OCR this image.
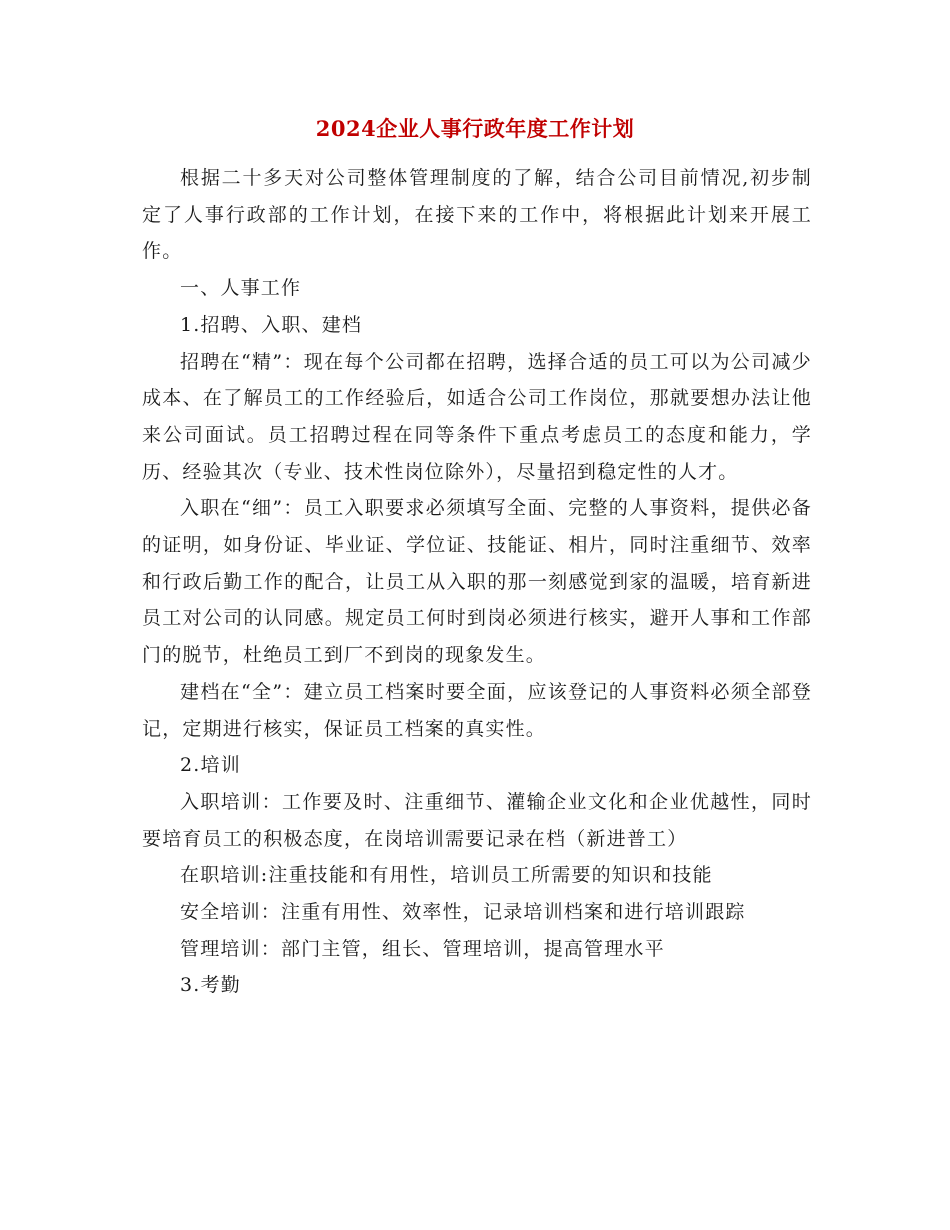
2024企业人事行政年度工作计划

根据二十多天对公司整体管理制度的了解，结合公司目前情况,初步制定了人事行政部的工作计划，在接下来的工作中，将根据此计划来开展工作。

一、人事工作

1.招聘、入职、建档

招聘在“精”：现在每个公司都在招聘，选择合适的员工可以为公司减少成本、在了解员工的工作经验后，如适合公司工作岗位，那就要想办法让他来公司面试。员工招聘过程在同等条件下重点考虑员工的态度和能力，学历、经验其次（专业、技术性岗位除外），尽量招到稳定性的人才。

入职在“细”：员工入职要求必须填写全面、完整的人事资料，提供必备的证明，如身份证、毕业证、学位证、技能证、相片，同时注重细节、效率和行政后勤工作的配合，让员工从入职的那一刻感觉到家的温暖，培育新进员工对公司的认同感。规定员工何时到岗必须进行核实，避开人事和工作部门的脱节，杜绝员工到厂不到岗的现象发生。

建档在“全”：建立员工档案时要全面，应该登记的人事资料必须全部登记，定期进行核实，保证员工档案的真实性。

2.培训

入职培训：工作要及时、注重细节、灌输企业文化和企业优越性，同时要培育员工的积极态度，在岗培训需要记录在档（新进普工）

在职培训:注重技能和有用性，培训员工所需要的知识和技能

安全培训：注重有用性、效率性，记录培训档案和进行培训跟踪

管理培训：部门主管，组长、管理培训，提高管理水平

3.考勤
